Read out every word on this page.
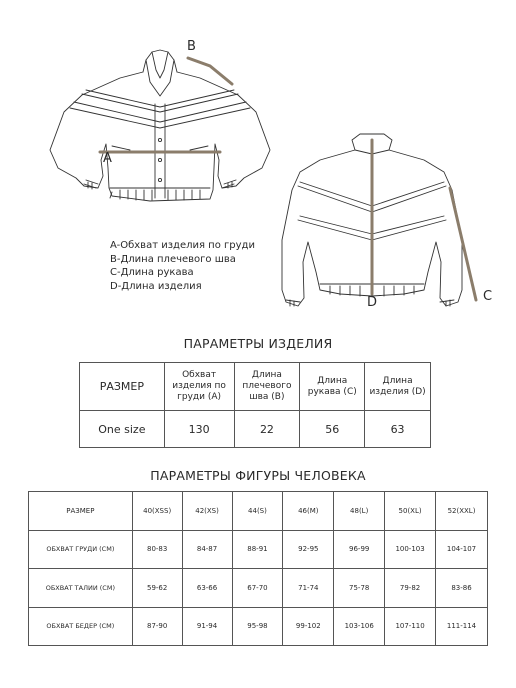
B
A
D	C
A-Обхват изделия по груди
B-Длина плечевого шва
C-Длина рукава
D-Длина изделия
ПАРАМЕТРЫ ИЗДЕЛИЯ
РАЗМЕР	Обхват изделия по груди (А)	Длина плечевого шва (В)	Длина рукава (С)	Длина изделия (D)
One size	130	22	56	63
ПАРАМЕТРЫ ФИГУРЫ ЧЕЛОВЕКА
РАЗМЕР	40(XSS)	42(XS)	44(S)	46(M)	48(L)	50(XL)	52(XXL)
ОБХВАТ ГРУДИ (СМ)	80-83	84-87	88-91	92-95	96-99	100-103	104-107
ОБХВАТ ТАЛИИ (СМ)	59-62	63-66	67-70	71-74	75-78	79-82	83-86
ОБХВАТ БЕДЕР (СМ)	87-90	91-94	95-98	99-102	103-106	107-110	111-114
